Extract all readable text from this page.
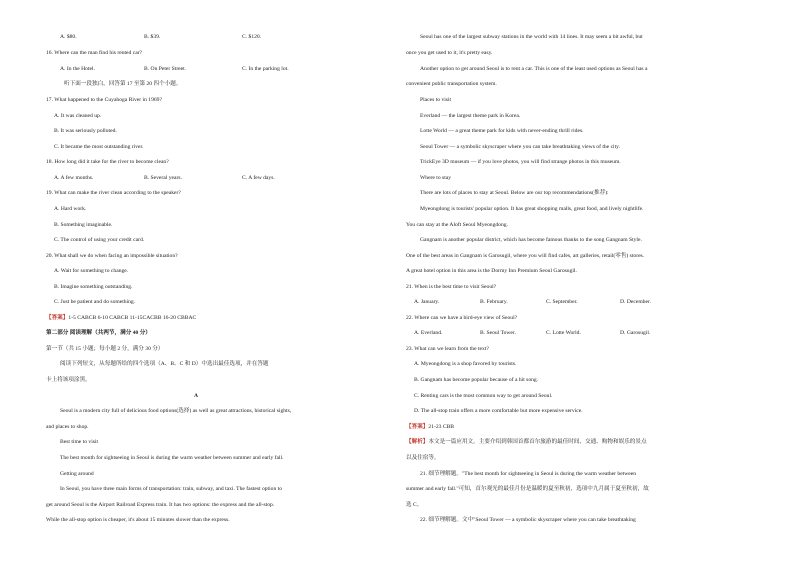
A. $80.	B. $39.	C. $120.
16. Where can the man find his rented car?
A. In the Hotel.	B. On Peter Street.	C. In the parking lot.
听下面一段独白，回答第 17 至第 20 四个小题。
17. What happened to the Cuyahoga River in 1969?
A. It was cleaned up.
B. It was seriously polluted.
C. It became the most outstanding river.
18. How long did it take for the river to become clean?
A. A few months.	B. Several years.	C. A few days.
19. What can make the river clean according to the speaker?
A. Hard work.
B. Something imaginable.
C. The control of using your credit card.
20. What shall we do when facing an impossible situation?
A. Wait for something to change.
B. Imagine something outstanding.
C. Just be patient and do something.
【答案】1-5 CABCB 6-10 CABCB 11-15CACBB 16-20 CBBAC
第二部分 阅读理解（共两节，满分 40 分）
第一节（共 15 小题；每小题 2 分，满分 30 分）
阅读下列短文，从每题所给的四个选项（A、B、C 和 D）中选出最佳选项，并在答题
卡上将该项涂黑。
A
Seoul is a modern city full of delicious food options(选择) as well as great attractions, historical sights,
and places to shop.
Best time to visit
The best month for sightseeing in Seoul is during the warm weather between summer and early fall.
Getting around
In Seoul, you have three main forms of transportation: train, subway, and taxi. The fastest option to
get around Seoul is the Airport Railroad Express train. It has two options: the express and the all-stop.
While the all-stop option is cheaper, it's about 15 minutes slower than the express.
Seoul has one of the largest subway stations in the world with 14 lines. It may seem a bit awful, but
once you get used to it, it's pretty easy.
Another option to get around Seoul is to rent a car. This is one of the least used options as Seoul has a
convenient public transportation system.
Places to visit
Everland — the largest theme park in Korea.
Lotte World — a great theme park for kids with never-ending thrill rides.
Seoul Tower — a symbolic skyscraper where you can take breathtaking views of the city.
TrickEye 3D museum — if you love photos, you will find strange photos in this museum.
Where to stay
There are lots of places to stay at Seoul. Below are our top recommendations(推荐):
Myeongdong is tourists' popular option. It has great shopping malls, great food, and lively nightlife.
You can stay at the Aloft Seoul Myeongdong.
Gangnam is another popular district, which has become famous thanks to the song Gangnam Style.
One of the best areas in Gangnam is Garosugil, where you will find cafes, art galleries, retail(零售) stores.
A great hotel option in this area is the Dormy Inn Premium Seoul Garosugil.
21. When is the best time to visit Seoul?
A. January.	B. February.	C. September.	D. December.
22. Where can we have a bird-eye view of Seoul?
A. Everland.	B. Seoul Tower.	C. Lotte World.	D. Garosugil.
23. What can we learn from the text?
A. Myeongdong is a shop favored by tourists.
B. Gangnam has become popular because of a hit song.
C. Renting cars is the most common way to get around Seoul.
D. The all-stop train offers a more comfortable but more expensive service.
【答案】21-23 CBB
【解析】本文是一篇应用文。主要介绍到韩国首都首尔旅游的最佳时间、交通、购物和娱乐的景点
以及住宿等。
21. 细节理解题。"The best month for sightseeing in Seoul is during the warm weather between
summer and early fall."可知，首尔观光的最佳月份是温暖的夏至秋初，选项中九月属于夏至秋初，故
选 C。
22. 细节理解题。文中"Seoul Tower — a symbolic skyscraper where you can take breathtaking
